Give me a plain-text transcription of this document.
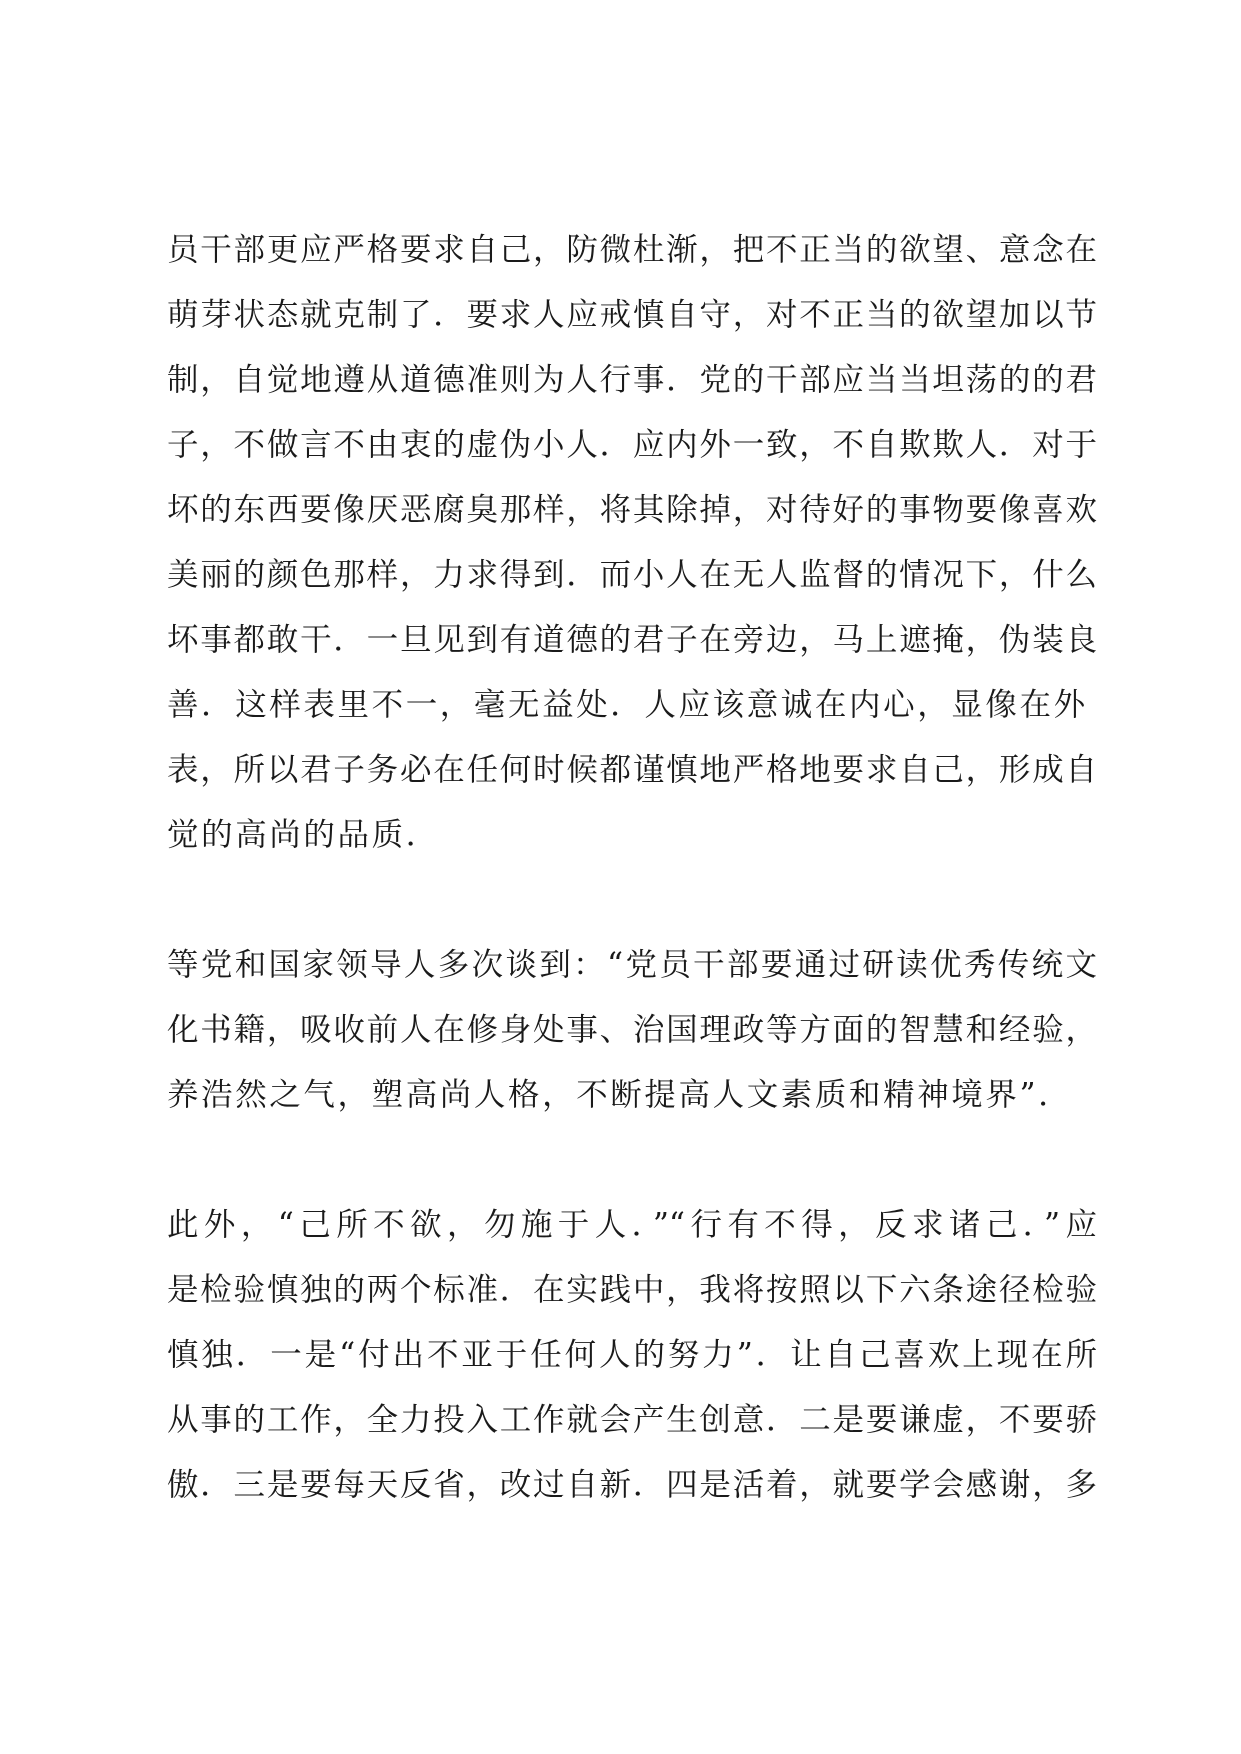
员干部更应严格要求自己，防微杜渐，把不正当的欲望、意念在
萌芽状态就克制了．要求人应戒慎自守，对不正当的欲望加以节
制，自觉地遵从道德准则为人行事．党的干部应当当坦荡的的君
子，不做言不由衷的虚伪小人．应内外一致，不自欺欺人．对于
坏的东西要像厌恶腐臭那样，将其除掉，对待好的事物要像喜欢
美丽的颜色那样，力求得到．而小人在无人监督的情况下，什么
坏事都敢干．一旦见到有道德的君子在旁边，马上遮掩，伪装良
善．这样表里不一，毫无益处．人应该意诚在内心，显像在外
表，所以君子务必在任何时候都谨慎地严格地要求自己，形成自
觉的高尚的品质．
等党和国家领导人多次谈到：“党员干部要通过研读优秀传统文
化书籍，吸收前人在修身处事、治国理政等方面的智慧和经验，
养浩然之气，塑高尚人格，不断提高人文素质和精神境界”．
此外，“己所不欲，勿施于人．”“行有不得，反求诸己．”应
是检验慎独的两个标准．在实践中，我将按照以下六条途径检验
慎独．一是“付出不亚于任何人的努力”．让自己喜欢上现在所
从事的工作，全力投入工作就会产生创意．二是要谦虚，不要骄
傲．三是要每天反省，改过自新．四是活着，就要学会感谢，多
